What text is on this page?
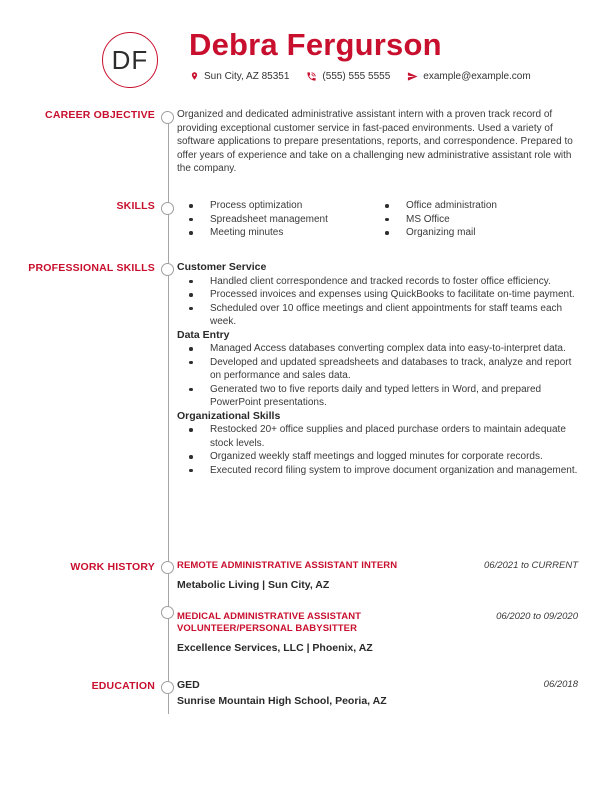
DF Debra Fergurson
Sun City, AZ 85351	(555) 555 5555	example@example.com
CAREER OBJECTIVE Organized and dedicated administrative assistant intern with a proven track record of providing exceptional customer service in fast-paced environments. Used a variety of software applications to prepare presentations, reports, and correspondence. Prepared to offer years of experience and take on a challenging new administrative assistant role with the company.

SKILLS	Process optimization
Spreadsheet management
Meeting minutes
Office administration
MS Office
Organizing mail
PROFESSIONAL SKILLS Customer Service
Handled client correspondence and tracked records to foster office efficiency.
Processed invoices and expenses using QuickBooks to facilitate on-time payment.
Scheduled over 10 office meetings and client appointments for staff teams each week.
Data Entry
Managed Access databases converting complex data into easy-to-interpret data.
Developed and updated spreadsheets and databases to track, analyze and report on performance and sales data.
Generated two to five reports daily and typed letters in Word, and prepared PowerPoint presentations.
Organizational Skills
Restocked 20+ office supplies and placed purchase orders to maintain adequate stock levels.
Organized weekly staff meetings and logged minutes for corporate records.
Executed record filing system to improve document organization and management.
WORK HISTORY REMOTE ADMINISTRATIVE ASSISTANT INTERN	06/2021 to CURRENT
Metabolic Living | Sun City, AZ
MEDICAL ADMINISTRATIVE ASSISTANT VOLUNTEER/PERSONAL BABYSITTER
06/2020 to 09/2020
Excellence Services, LLC | Phoenix, AZ
EDUCATION GED	06/2018
Sunrise Mountain High School, Peoria, AZ
